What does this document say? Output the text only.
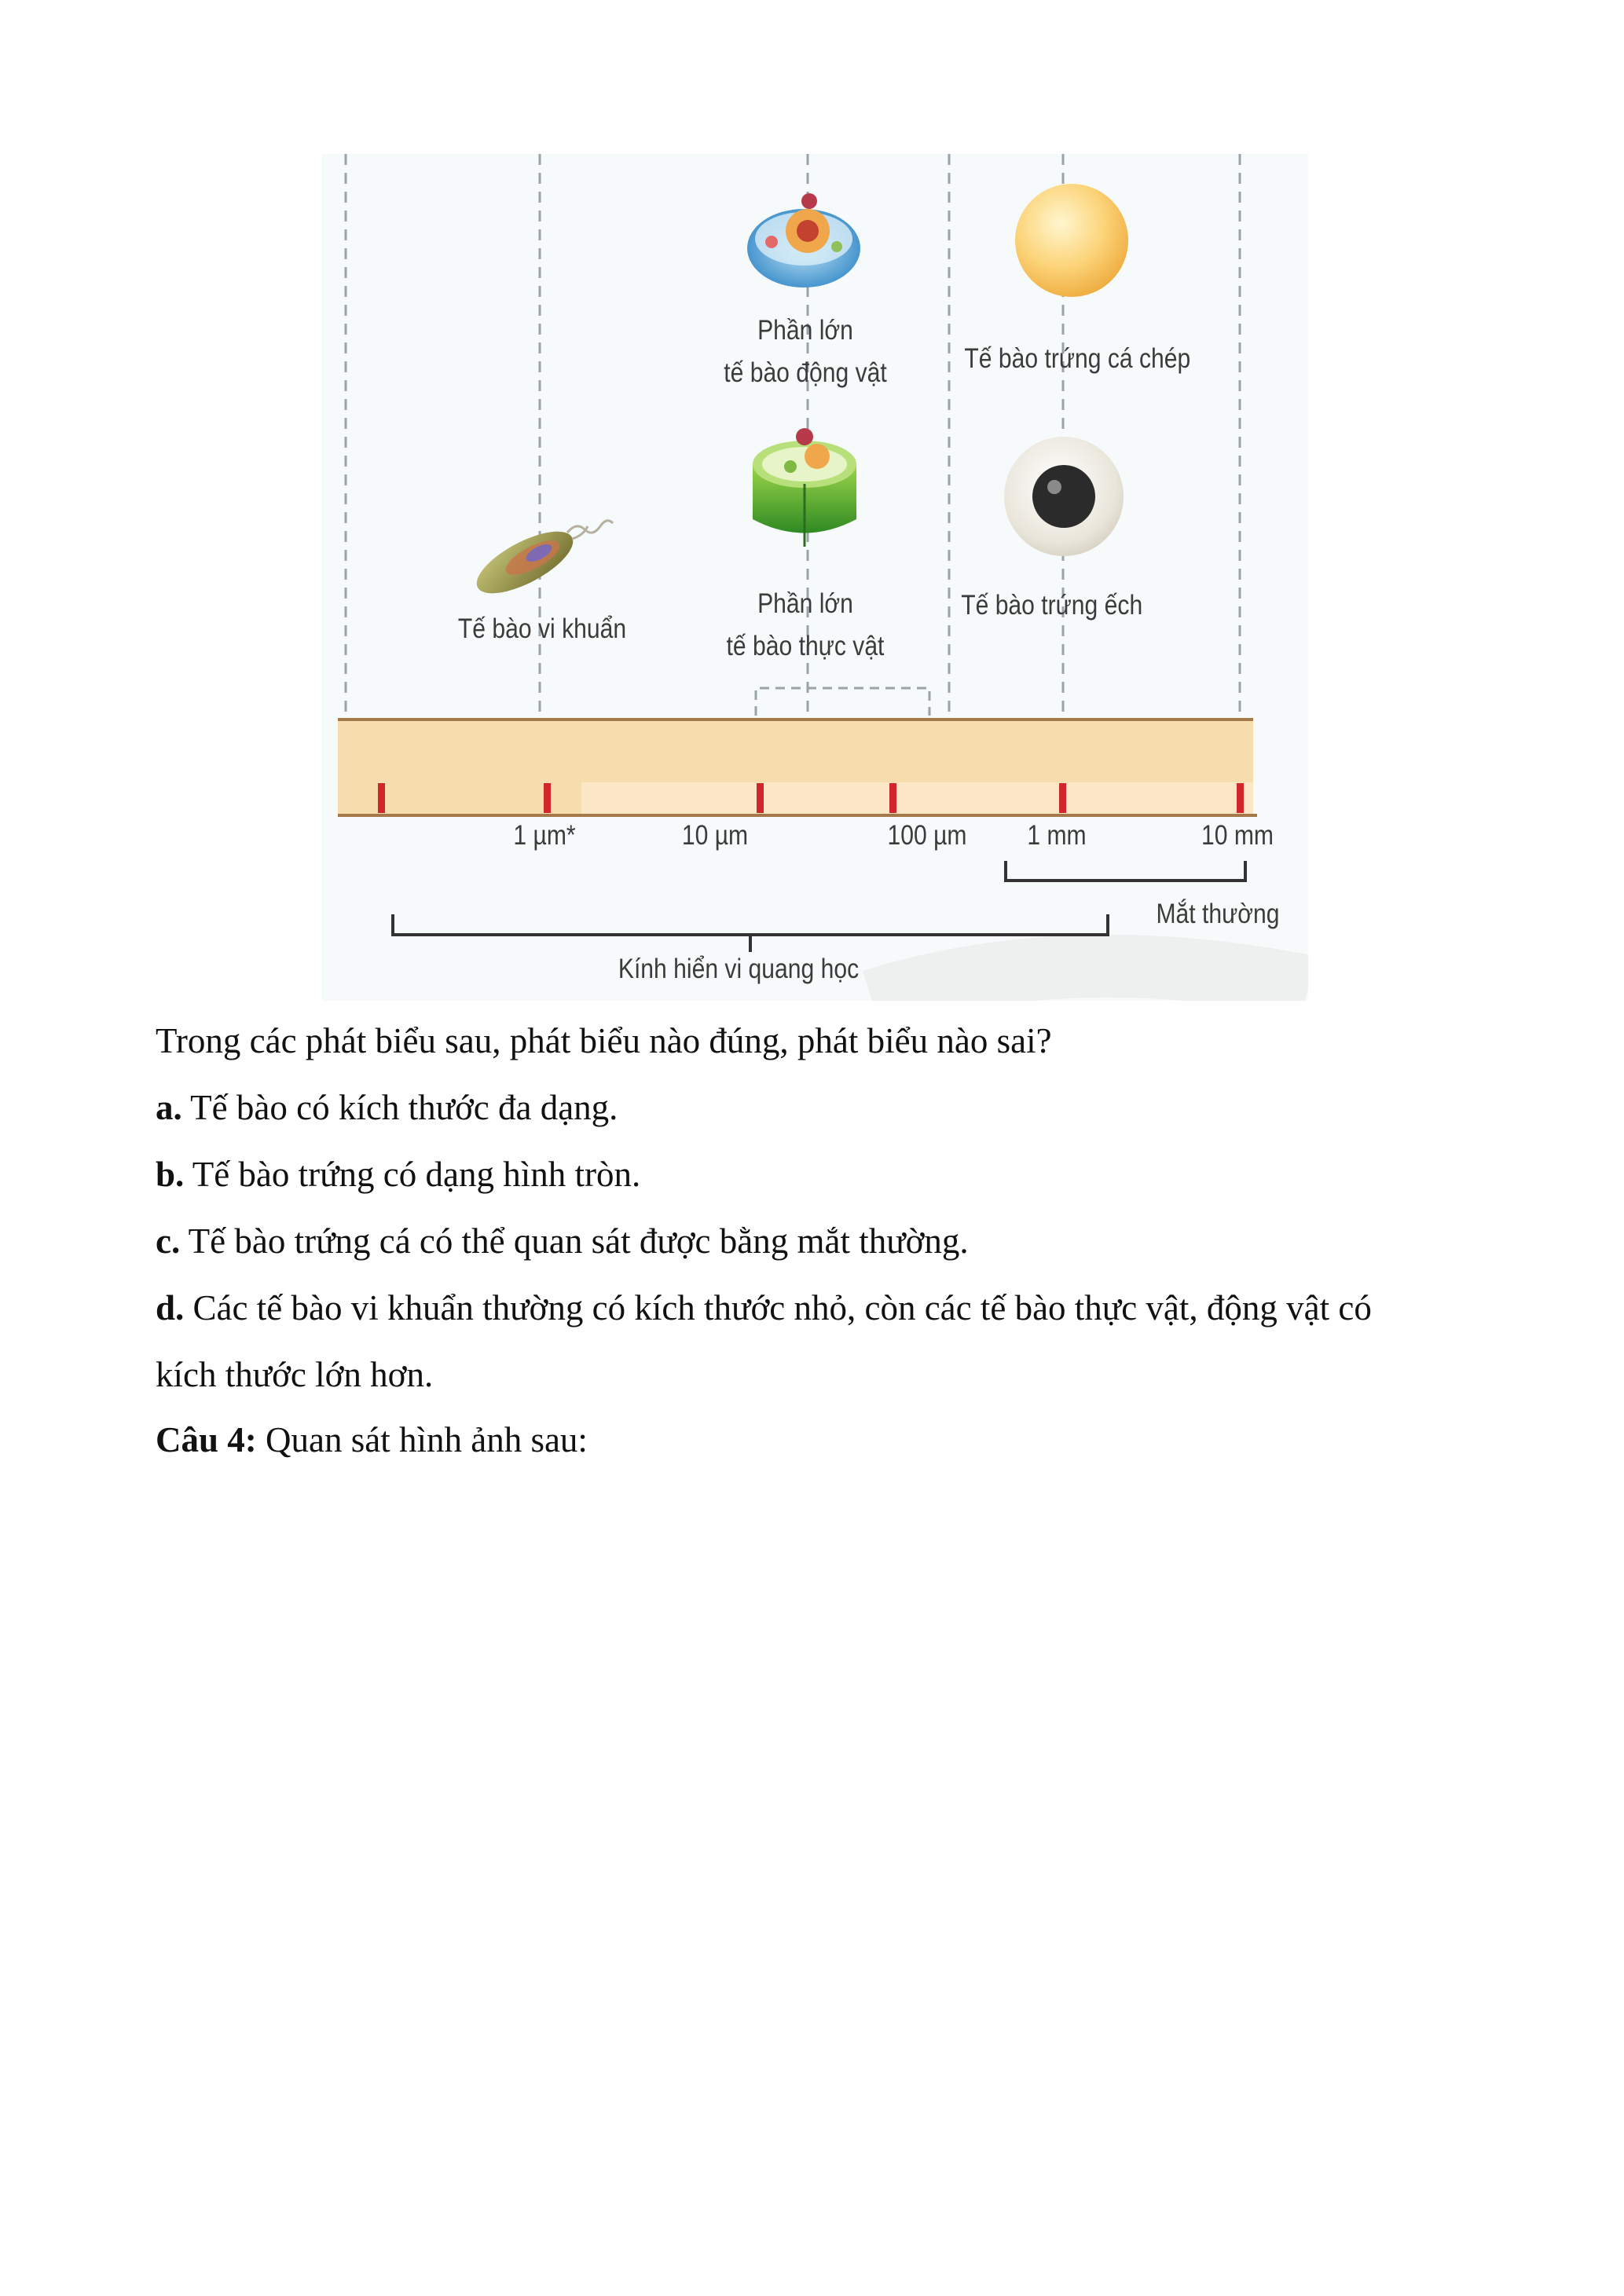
Phần lớn
tế bào động vật	Tế bào trứng cá chép
Phần lớn
tế bào thực vật
Tế bào trứng ếch
Tế bào vi khuẩn
1 µm*	10 µm	100 µm 1 mm	10 mm
Mắt thường
Kính hiển vi quang học
Trong các phát biểu sau, phát biểu nào đúng, phát biểu nào sai?
a. Tế bào có kích thước đa dạng.
b. Tế bào trứng có dạng hình tròn.
c. Tế bào trứng cá có thể quan sát được bằng mắt thường.
d. Các tế bào vi khuẩn thường có kích thước nhỏ, còn các tế bào thực vật, động vật có
kích thước lớn hơn.
Câu 4: Quan sát hình ảnh sau:
